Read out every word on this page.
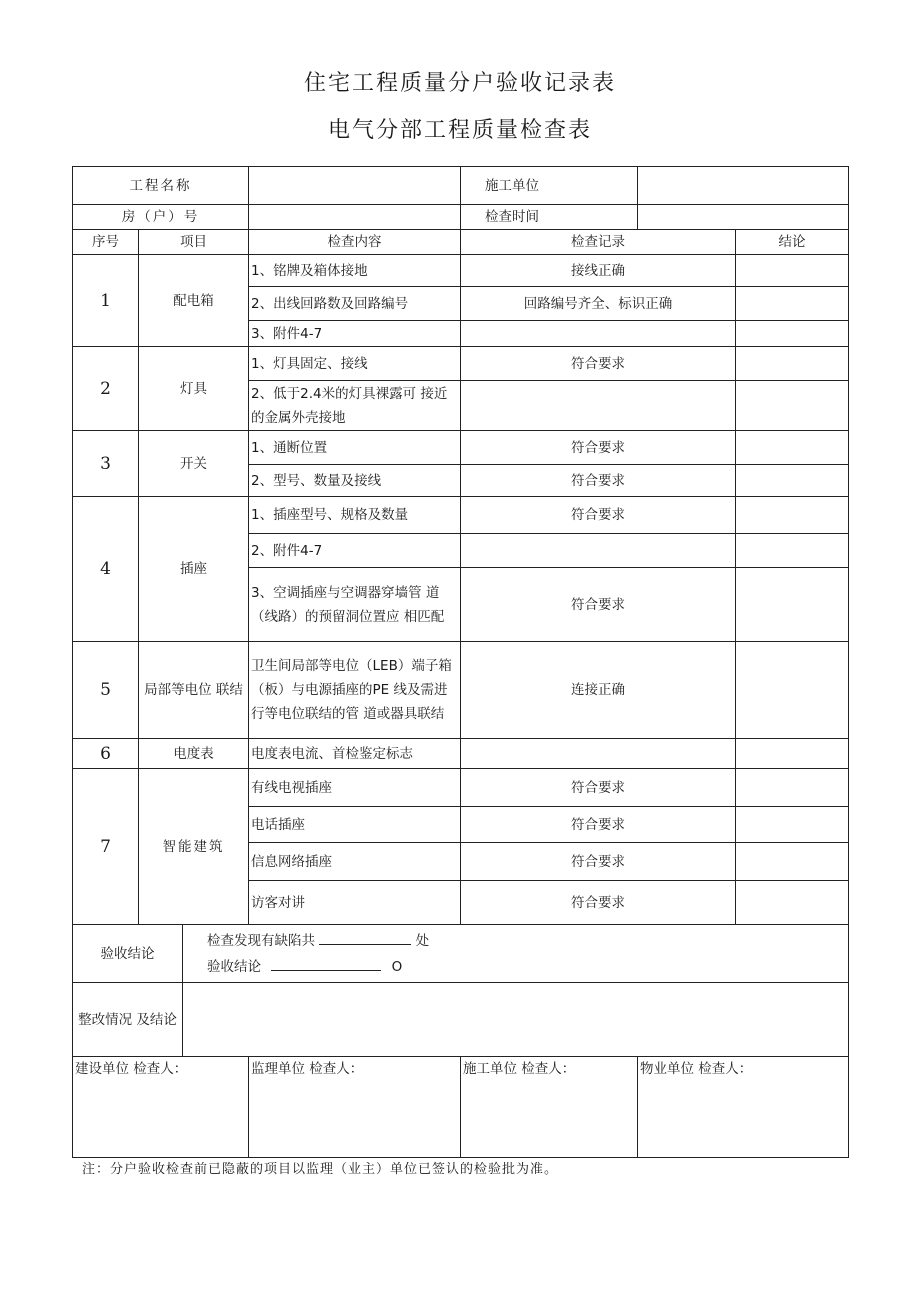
住宅工程质量分户验收记录表
电气分部工程质量检查表
工程名称				施工单位		
房（户）号				检查时间		
序号	项目		检查内容	检查记录		结论
1	配电箱		1、铭牌及箱体接地	接线正确		
			2、出线回路数及回路编号	回路编号齐全、标识正确		
			3、附件4-7			
2	灯具		1、灯具固定、接线	符合要求		
			2、低于2.4米的灯具裸露可 接近的金属外壳接地			
3	开关		1、通断位置	符合要求		
			2、型号、数量及接线	符合要求		
4	插座		1、插座型号、规格及数量	符合要求		
			2、附件4-7			
			3、空调插座与空调器穿墙管 道（线路）的预留洞位置应 相匹配	符合要求		
5	局部等电位 联结		卫生间局部等电位（LEB）端子箱（板）与电源插座的PE 线及需进行等电位联结的管 道或器具联结	连接正确		
6	电度表		电度表电流、首检鉴定标志			
7	智能建筑		有线电视插座	符合要求		
			电话插座	符合要求		
			信息网络插座	符合要求		
			访客对讲	符合要求		
验收结论		检查发现有缺陷共 处
验收结论 O				

整改情况 及结论						
建设单位 检查人：			监理单位 检查人：	施工单位 检查人：	物业单位 检查人：	
注：分户验收检查前已隐蔽的项目以监理（业主）单位已签认的检验批为准。
